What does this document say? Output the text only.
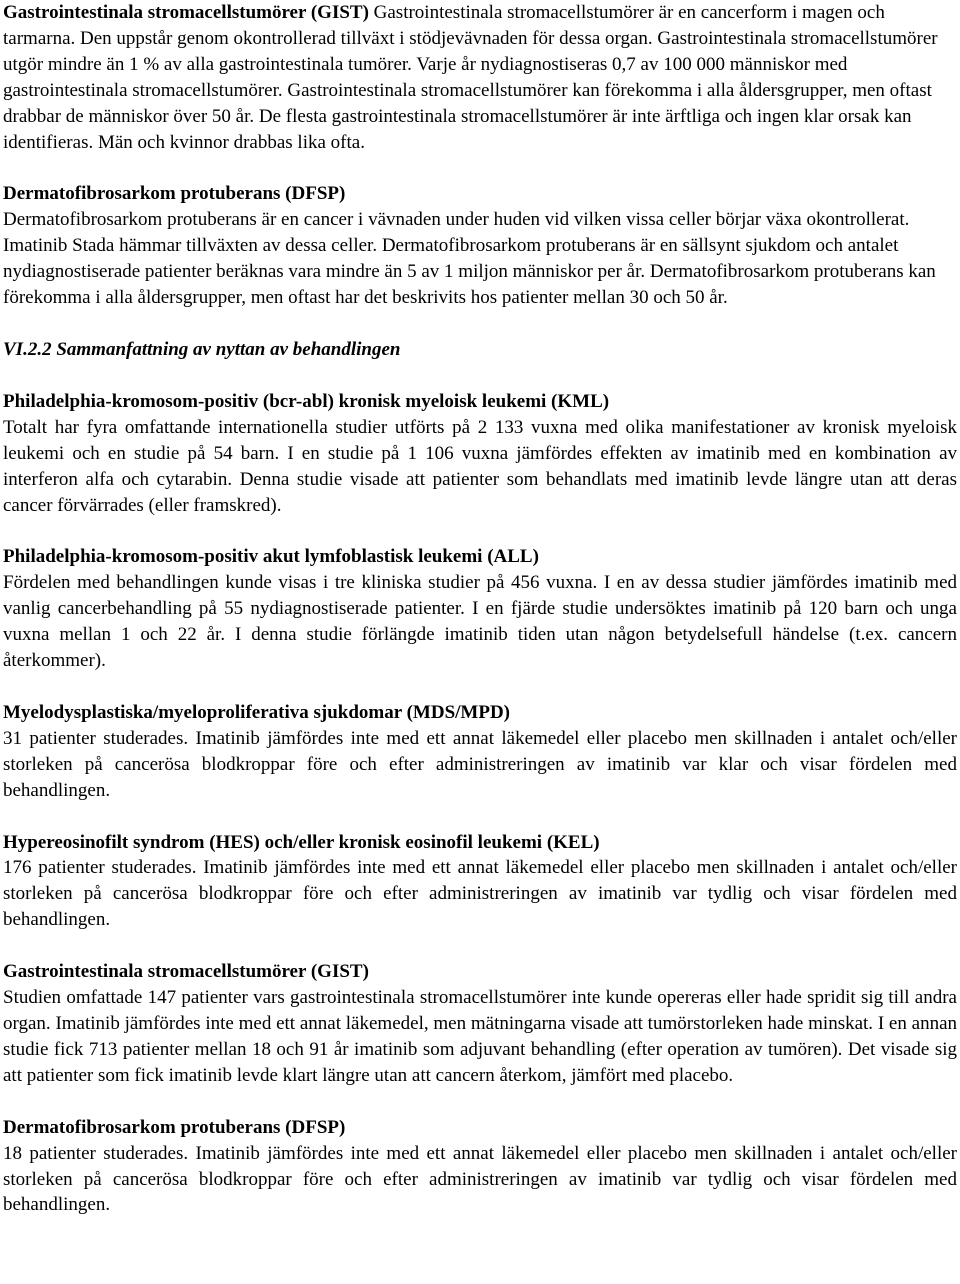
Gastrointestinala stromacellstumörer (GIST) Gastrointestinala stromacellstumörer är en cancerform i magen och tarmarna. Den uppstår genom okontrollerad tillväxt i stödjevävnaden för dessa organ. Gastrointestinala stromacellstumörer utgör mindre än 1 % av alla gastrointestinala tumörer. Varje år nydiagnostiseras 0,7 av 100 000 människor med gastrointestinala stromacellstumörer. Gastrointestinala stromacellstumörer kan förekomma i alla åldersgrupper, men oftast drabbar de människor över 50 år. De flesta gastrointestinala stromacellstumörer är inte ärftliga och ingen klar orsak kan identifieras. Män och kvinnor drabbas lika ofta.

Dermatofibrosarkom protuberans (DFSP)

Dermatofibrosarkom protuberans är en cancer i vävnaden under huden vid vilken vissa celler börjar växa okontrollerat. Imatinib Stada hämmar tillväxten av dessa celler. Dermatofibrosarkom protuberans är en sällsynt sjukdom och antalet nydiagnostiserade patienter beräknas vara mindre än 5 av 1 miljon människor per år. Dermatofibrosarkom protuberans kan förekomma i alla åldersgrupper, men oftast har det beskrivits hos patienter mellan 30 och 50 år.

VI.2.2 Sammanfattning av nyttan av behandlingen

Philadelphia-kromosom-positiv (bcr-abl) kronisk myeloisk leukemi (KML)

Totalt har fyra omfattande internationella studier utförts på 2 133 vuxna med olika manifestationer av kronisk myeloisk leukemi och en studie på 54 barn. I en studie på 1 106 vuxna jämfördes effekten av imatinib med en kombination av interferon alfa och cytarabin. Denna studie visade att patienter som behandlats med imatinib levde längre utan att deras cancer förvärrades (eller framskred).

Philadelphia-kromosom-positiv akut lymfoblastisk leukemi (ALL)

Fördelen med behandlingen kunde visas i tre kliniska studier på 456 vuxna. I en av dessa studier jämfördes imatinib med vanlig cancerbehandling på 55 nydiagnostiserade patienter. I en fjärde studie undersöktes imatinib på 120 barn och unga vuxna mellan 1 och 22 år. I denna studie förlängde imatinib tiden utan någon betydelsefull händelse (t.ex. cancern återkommer).

Myelodysplastiska/myeloproliferativa sjukdomar (MDS/MPD)

31 patienter studerades. Imatinib jämfördes inte med ett annat läkemedel eller placebo men skillnaden i antalet och/eller storleken på cancerösa blodkroppar före och efter administreringen av imatinib var klar och visar fördelen med behandlingen.

Hypereosinofilt syndrom (HES) och/eller kronisk eosinofil leukemi (KEL)

176 patienter studerades. Imatinib jämfördes inte med ett annat läkemedel eller placebo men skillnaden i antalet och/eller storleken på cancerösa blodkroppar före och efter administreringen av imatinib var tydlig och visar fördelen med behandlingen.

Gastrointestinala stromacellstumörer (GIST)

Studien omfattade 147 patienter vars gastrointestinala stromacellstumörer inte kunde opereras eller hade spridit sig till andra organ. Imatinib jämfördes inte med ett annat läkemedel, men mätningarna visade att tumörstorleken hade minskat. I en annan studie fick 713 patienter mellan 18 och 91 år imatinib som adjuvant behandling (efter operation av tumören). Det visade sig att patienter som fick imatinib levde klart längre utan att cancern återkom, jämfört med placebo.

Dermatofibrosarkom protuberans (DFSP)

18 patienter studerades. Imatinib jämfördes inte med ett annat läkemedel eller placebo men skillnaden i antalet och/eller storleken på cancerösa blodkroppar före och efter administreringen av imatinib var tydlig och visar fördelen med behandlingen.
